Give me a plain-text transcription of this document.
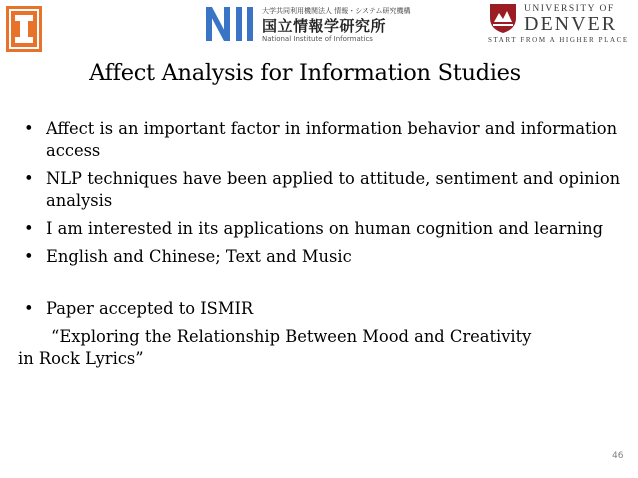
大学共同利用機関法人 情報・システム研究機構
国立情報学研究所
National Institute of Informatics
UNIVERSITY OF
DENVER
START FROM A HIGHER PLACE
Affect Analysis for Information Studies
• Affect is an important factor in information behavior and information access
• NLP techniques have been applied to attitude, sentiment and opinion analysis
• I am interested in its applications on human cognition and learning
• English and Chinese; Text and Music
• Paper accepted to ISMIR
“Exploring the Relationship Between Mood and Creativity
in Rock Lyrics”
46
